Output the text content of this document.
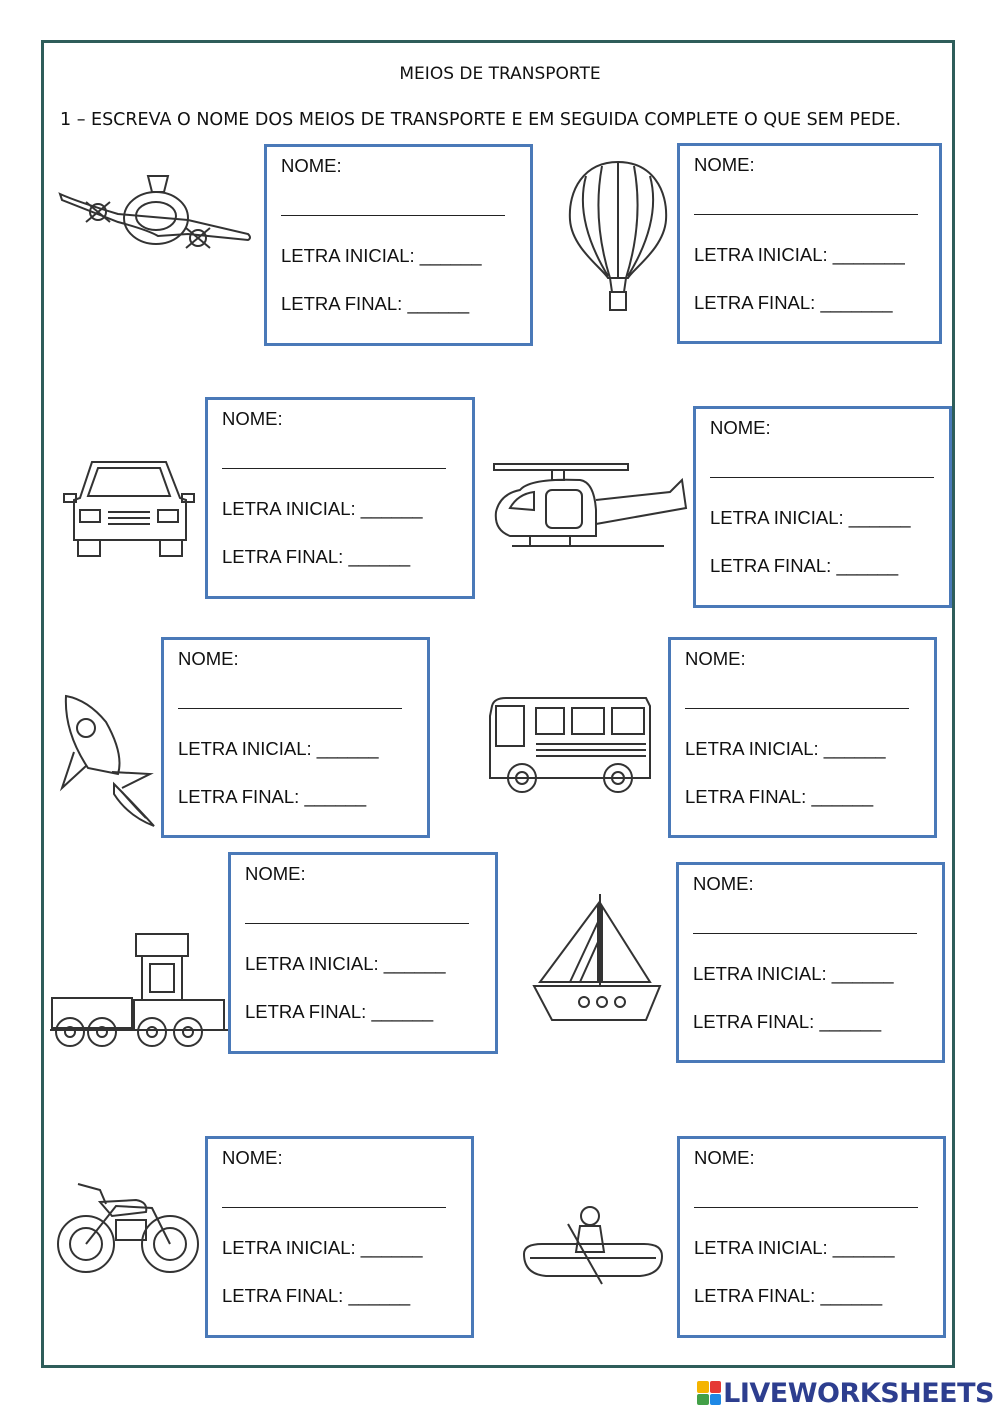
MEIOS DE TRANSPORTE
1 – ESCREVA O NOME DOS MEIOS DE TRANSPORTE E EM SEGUIDA COMPLETE O QUE SEM PEDE.
NOME:
LETRA INICIAL: ______
LETRA FINAL: ______
NOME:
LETRA INICIAL: _______
LETRA FINAL: _______
NOME:
LETRA INICIAL: ______
LETRA FINAL: ______
NOME:
LETRA INICIAL: ______
LETRA FINAL: ______
NOME:
LETRA INICIAL: ______
LETRA FINAL: ______
NOME:
LETRA INICIAL: ______
LETRA FINAL: ______
NOME:
LETRA INICIAL: ______
LETRA FINAL: ______
NOME:
LETRA INICIAL: ______
LETRA FINAL: ______
NOME:
LETRA INICIAL: ______
LETRA FINAL: ______
NOME:
LETRA INICIAL: ______
LETRA FINAL: ______
LIVEWORKSHEETS
